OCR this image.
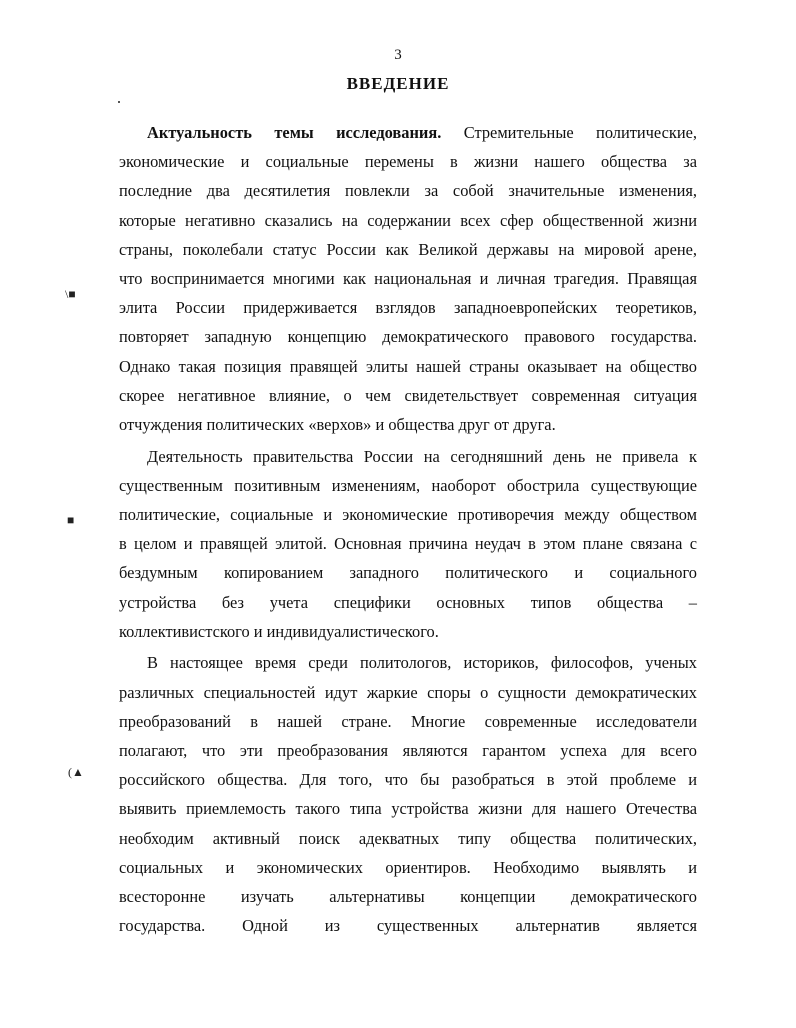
3
ВВЕДЕНИЕ
\■
■
(▲
Актуальность темы исследования. Стремительные политические,
экономические и социальные перемены в жизни нашего общества за
последние два десятилетия повлекли за собой значительные изменения,
которые негативно сказались на содержании всех сфер общественной жизни
страны, поколебали статус России как Великой державы на мировой арене,
что воспринимается многими как национальная и личная трагедия. Правящая
элита России придерживается взглядов западноевропейских теоретиков,
повторяет западную концепцию демократического правового государства.
Однако такая позиция правящей элиты нашей страны оказывает на общество
скорее негативное влияние, о чем свидетельствует современная ситуация
отчуждения политических «верхов» и общества друг от друга.
Деятельность правительства России на сегодняшний день не привела к
существенным позитивным изменениям, наоборот обострила существующие
политические, социальные и экономические противоречия между обществом
в целом и правящей элитой. Основная причина неудач в этом плане связана с
бездумным копированием западного политического и социального
устройства без учета специфики основных типов общества –
коллективистского и индивидуалистического.
В настоящее время среди политологов, историков, философов, ученых
различных специальностей идут жаркие споры о сущности демократических
преобразований в нашей стране. Многие современные исследователи
полагают, что эти преобразования являются гарантом успеха для всего
российского общества. Для того, что бы разобраться в этой проблеме и
выявить приемлемость такого типа устройства жизни для нашего Отечества
необходим активный поиск адекватных типу общества политических,
социальных и экономических ориентиров. Необходимо выявлять и
всесторонне изучать альтернативы концепции демократического
государства. Одной из существенных альтернатив является
